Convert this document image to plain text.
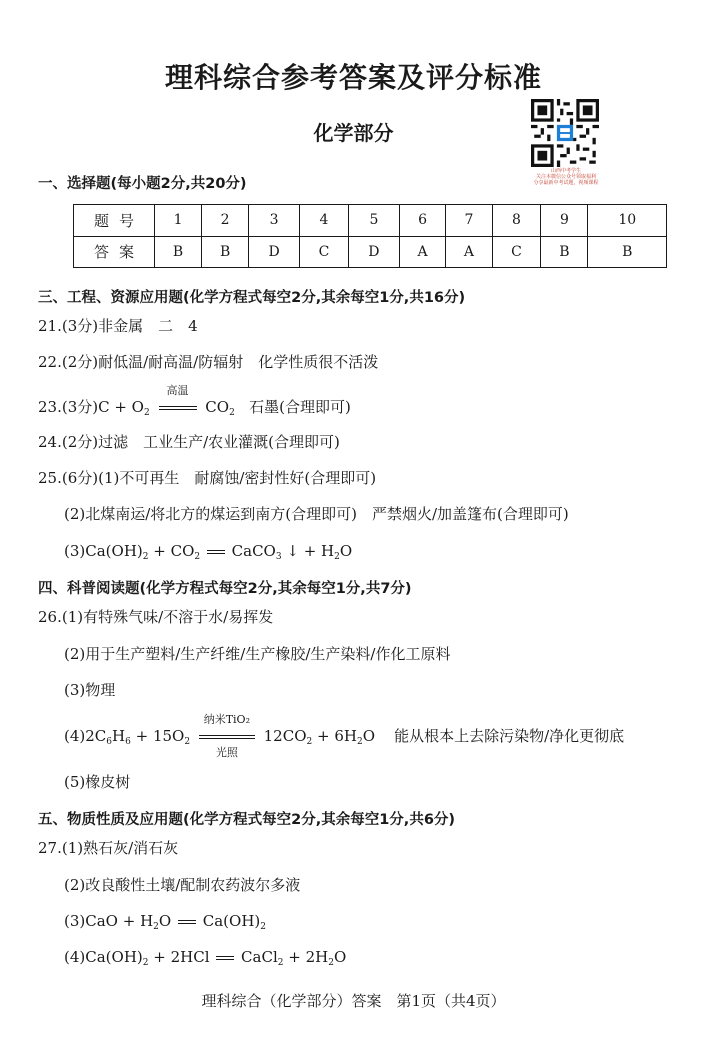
理科综合参考答案及评分标准
化学部分
山西中考学生
关注本微信公众号领取福利
分享最新中考试题，视频课程
一、选择题(每小题2分,共20分)
题号	1	2	3	4	5	6	7	8	9	10
答案	B	B	D	C	D	A	A	C	B	B
三、工程、资源应用题(化学方程式每空2分,其余每空1分,共16分)
21.(3分)非金属　二　4
22.(2分)耐低温/耐高温/防辐射　化学性质很不活泼
23.(3分)$C + O_2$
高温
$CO_2$ 石墨(合理即可)
24.(2分)过滤　工业生产/农业灌溉(合理即可)
25.(6分)(1)不可再生　耐腐蚀/密封性好(合理即可)
(2)北煤南运/将北方的煤运到南方(合理即可)　严禁烟火/加盖篷布(合理即可)
$(3)Ca(OH)_2 + CO_2$  CaCO$_3$ ↓ + $H_2O$
四、科普阅读题(化学方程式每空2分,其余每空1分,共7分)
26.(1)有特殊气味/不溶于水/易挥发
(2)用于生产塑料/生产纤维/生产橡胶/生产染料/作化工原料
(3)物理
$(4)2C_6H_6 + 15O_2$
纳米TiO₂
光照
$12CO_2 + 6H_2O$ 能从根本上去除污染物/净化更彻底
(5)橡皮树
五、物质性质及应用题(化学方程式每空2分,其余每空1分,共6分)
27.(1)熟石灰/消石灰
(2)改良酸性土壤/配制农药波尔多液
$(3)CaO + H_2O$  $Ca(OH)_2$
$(4)Ca(OH)_2 + 2HCl$  CaCl$_2$ + $2H_2O$
理科综合（化学部分）答案　第1页（共4页）
